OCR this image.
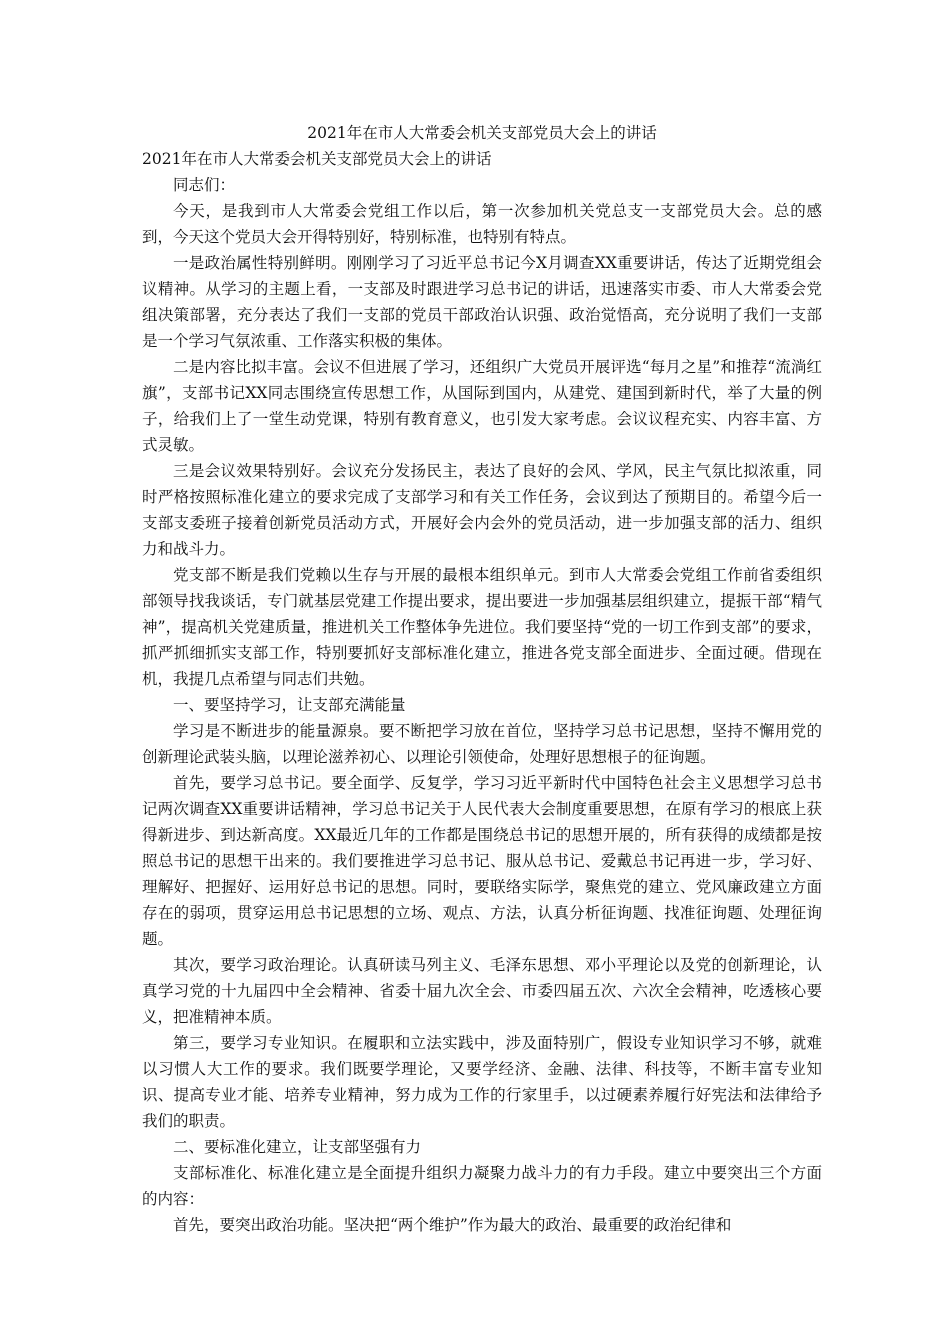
2021年在市人大常委会机关支部党员大会上的讲话
2021年在市人大常委会机关支部党员大会上的讲话

同志们：

今天，是我到市人大常委会党组工作以后，第一次参加机关党总支一支部党员大会。总的感到，今天这个党员大会开得特别好，特别标准，也特别有特点。

一是政治属性特别鲜明。刚刚学习了习近平总书记今X月调查XX重要讲话，传达了近期党组会议精神。从学习的主题上看，一支部及时跟进学习总书记的讲话，迅速落实市委、市人大常委会党组决策部署，充分表达了我们一支部的党员干部政治认识强、政治觉悟高，充分说明了我们一支部是一个学习气氛浓重、工作落实积极的集体。

二是内容比拟丰富。会议不但进展了学习，还组织广大党员开展评选“每月之星”和推荐“流淌红旗”，支部书记XX同志围绕宣传思想工作，从国际到国内，从建党、建国到新时代，举了大量的例子，给我们上了一堂生动党课，特别有教育意义，也引发大家考虑。会议议程充实、内容丰富、方式灵敏。

三是会议效果特别好。会议充分发扬民主，表达了良好的会风、学风，民主气氛比拟浓重，同时严格按照标准化建立的要求完成了支部学习和有关工作任务，会议到达了预期目的。希望今后一支部支委班子接着创新党员活动方式，开展好会内会外的党员活动，进一步加强支部的活力、组织力和战斗力。

党支部不断是我们党赖以生存与开展的最根本组织单元。到市人大常委会党组工作前省委组织部领导找我谈话，专门就基层党建工作提出要求，提出要进一步加强基层组织建立，提振干部“精气神”，提高机关党建质量，推进机关工作整体争先进位。我们要坚持“党的一切工作到支部”的要求，抓严抓细抓实支部工作，特别要抓好支部标准化建立，推进各党支部全面进步、全面过硬。借现在机，我提几点希望与同志们共勉。

一、要坚持学习，让支部充满能量

学习是不断进步的能量源泉。要不断把学习放在首位，坚持学习总书记思想，坚持不懈用党的创新理论武装头脑，以理论滋养初心、以理论引领使命，处理好思想根子的征询题。

首先，要学习总书记。要全面学、反复学，学习习近平新时代中国特色社会主义思想学习总书记两次调查XX重要讲话精神，学习总书记关于人民代表大会制度重要思想，在原有学习的根底上获得新进步、到达新高度。XX最近几年的工作都是围绕总书记的思想开展的，所有获得的成绩都是按照总书记的思想干出来的。我们要推进学习总书记、服从总书记、爱戴总书记再进一步，学习好、理解好、把握好、运用好总书记的思想。同时，要联络实际学，聚焦党的建立、党风廉政建立方面存在的弱项，贯穿运用总书记思想的立场、观点、方法，认真分析征询题、找准征询题、处理征询题。

其次，要学习政治理论。认真研读马列主义、毛泽东思想、邓小平理论以及党的创新理论，认真学习党的十九届四中全会精神、省委十届九次全会、市委四届五次、六次全会精神，吃透核心要义，把准精神本质。

第三，要学习专业知识。在履职和立法实践中，涉及面特别广，假设专业知识学习不够，就难以习惯人大工作的要求。我们既要学理论，又要学经济、金融、法律、科技等，不断丰富专业知识、提高专业才能、培养专业精神，努力成为工作的行家里手，以过硬素养履行好宪法和法律给予我们的职责。

二、要标准化建立，让支部坚强有力

支部标准化、标准化建立是全面提升组织力凝聚力战斗力的有力手段。建立中要突出三个方面的内容：

首先，要突出政治功能。坚决把“两个维护”作为最大的政治、最重要的政治纪律和
